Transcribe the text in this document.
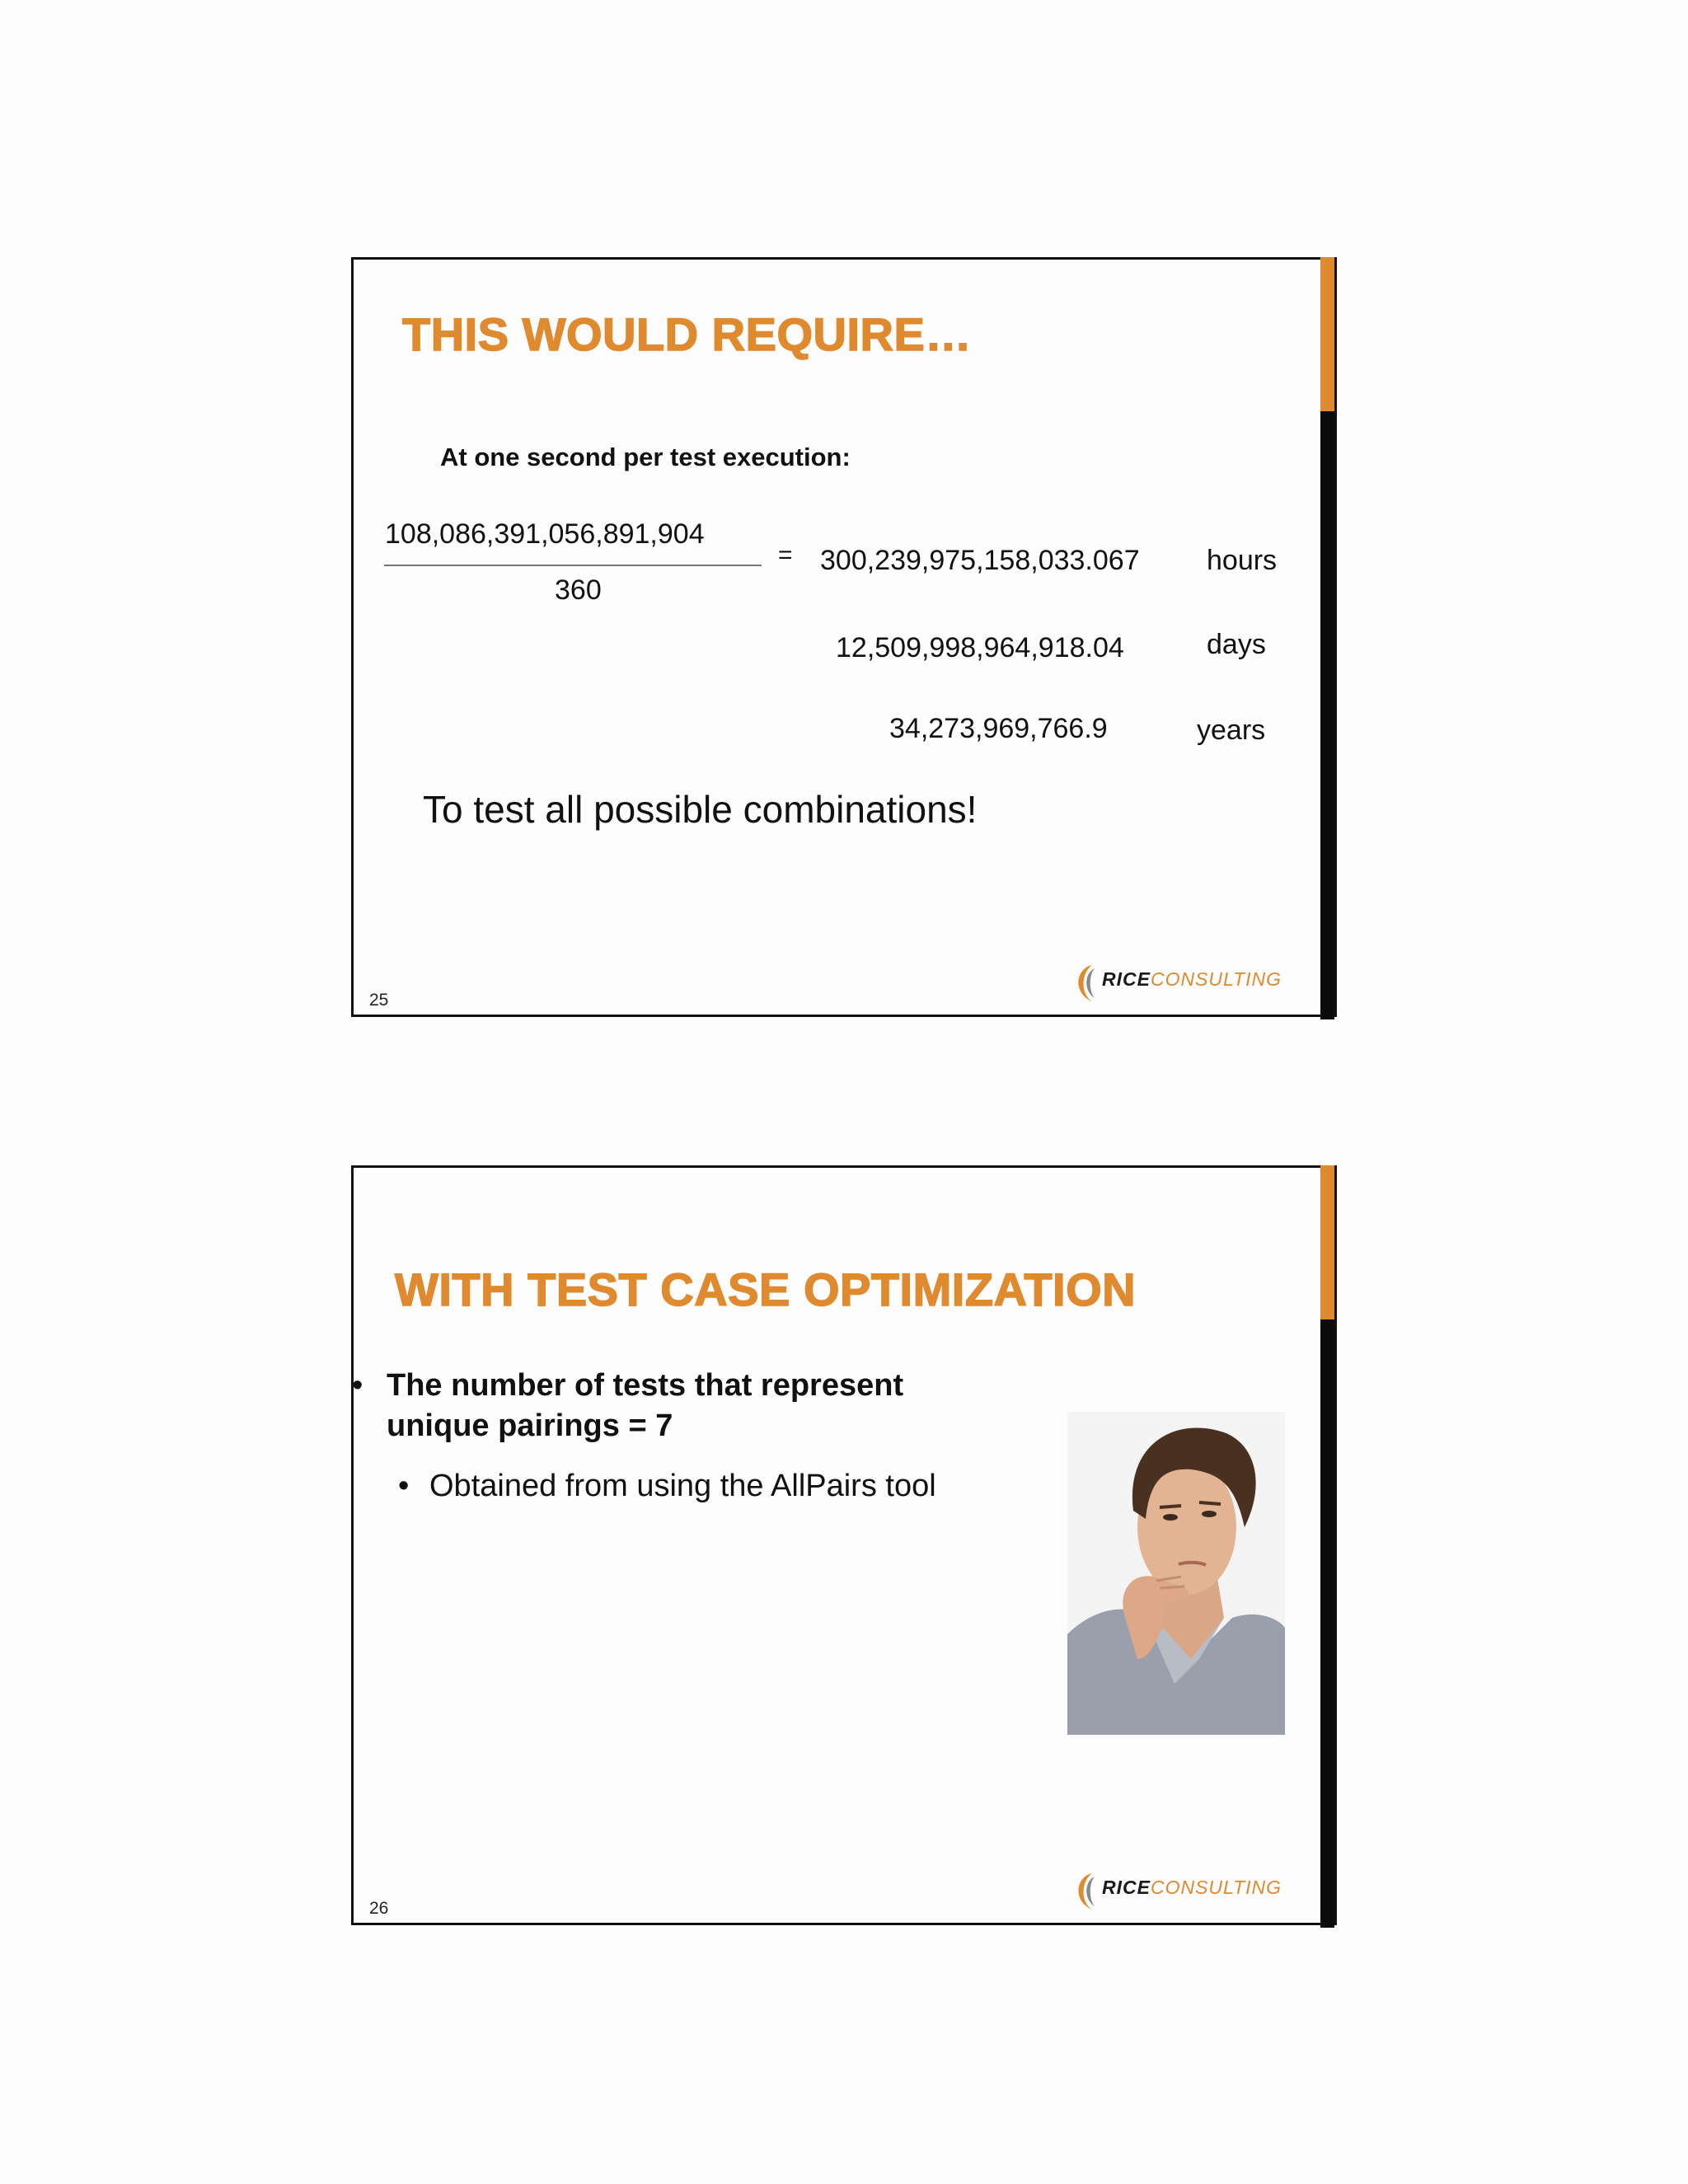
THIS WOULD REQUIRE…
At one second per test execution:
108,086,391,056,891,904
360
= 300,239,975,158,033.067 hours
12,509,998,964,918.04	days
34,273,969,766.9	years
To test all possible combinations!
25
RICECONSULTING
WITH TEST CASE OPTIMIZATION
• The number of tests that represent unique pairings = 7
• Obtained from using the AllPairs tool
26
RICECONSULTING
